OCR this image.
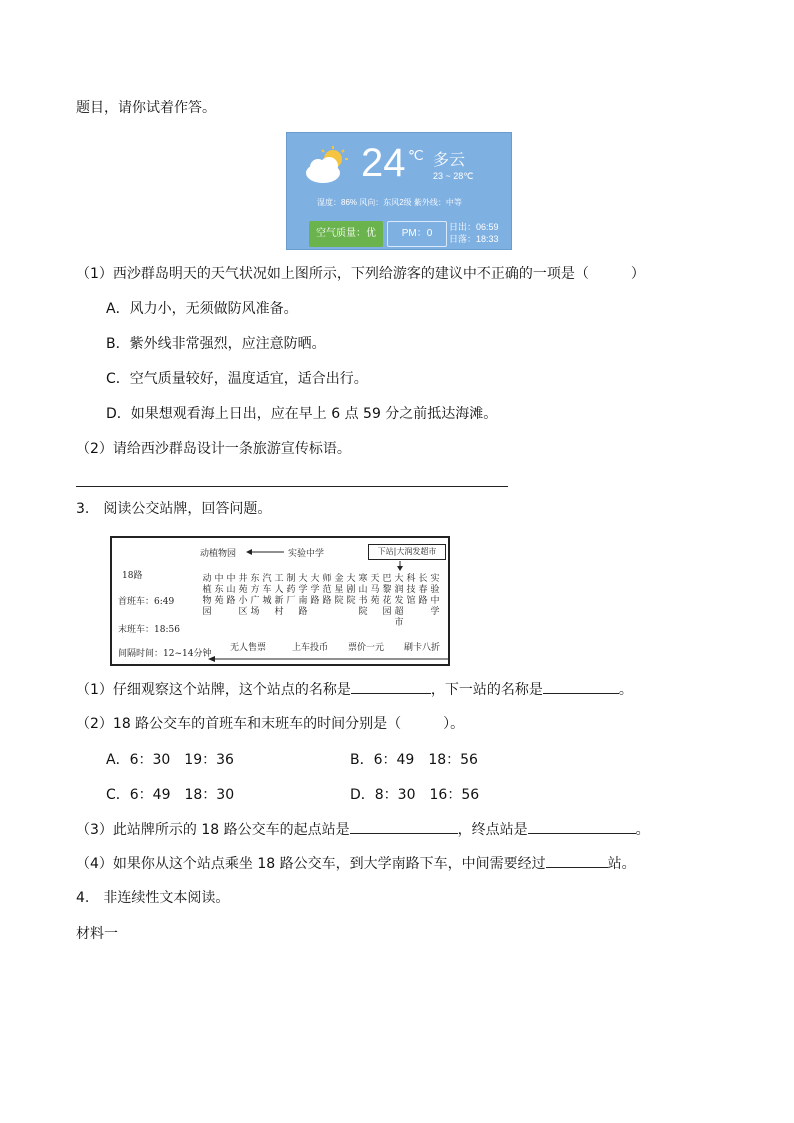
题目，请你试着作答。
24 ℃ 多云
23 ~ 28℃
湿度：86% 风向：东风2级 紫外线：中等
空气质量：优	PM：0
日出：06:59
日落：18:33
（1）西沙群岛明天的天气状况如上图所示，下列给游客的建议中不正确的一项是（　　　）
A．风力小，无须做防风准备。
B．紫外线非常强烈，应注意防晒。
C．空气质量较好，温度适宜，适合出行。
D．如果想观看海上日出，应在早上 6 点 59 分之前抵达海滩。
（2）请给西沙群岛设计一条旅游宣传标语。
3.　阅读公交站牌，回答问题。
动植物园	实验中学	下站|大润发超市
18路
首班车：6:49
末班车：18:56
间隔时间：12~14分钟
动植物园
中东苑
中山路
井苑小区
东方广场
汽车城
工人新村
制药厂
大学南路
大学路
师范路
金星院
大剧院
寒山书院
天马苑
巴黎花园
大润发超市
科技馆
长春路
实验中学
无人售票	上车投币 票价一元 刷卡八折
（1）仔细观察这个站牌，这个站点的名称是	，下一站的名称是	。
（2）18 路公交车的首班车和末班车的时间分别是（　　　）。
A．6：30　19：36	B．6：49　18：56
C．6：49　18：30	D．8：30　16：56
（3）此站牌所示的 18 路公交车的起点站是	，终点站是	。
（4）如果你从这个站点乘坐 18 路公交车，到大学南路下车，中间需要经过	站。
4.　非连续性文本阅读。
材料一
